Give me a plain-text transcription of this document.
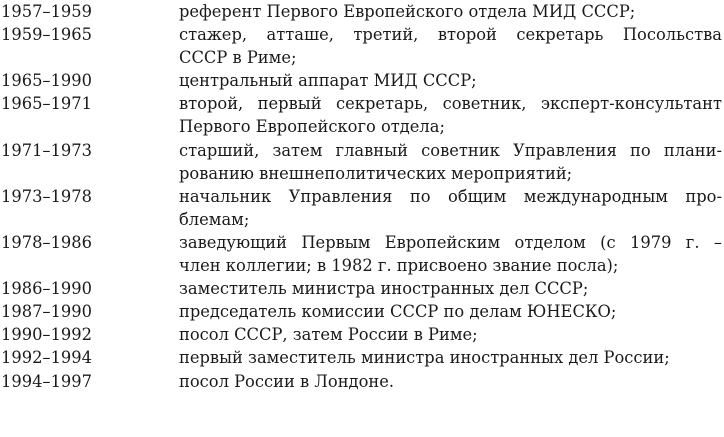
1957–1959	референт Первого Европейского отдела МИД СССР;
1959–1965	стажер, атташе, третий, второй секретарь Посольства
СССР в Риме;
1965–1990	центральный аппарат МИД СССР;
1965–1971	второй, первый секретарь, советник, эксперт-консультант
Первого Европейского отдела;
1971–1973	старший, затем главный советник Управления по плани-
рованию внешнеполитических мероприятий;
1973–1978	начальник Управления по общим международным про-
блемам;
1978–1986	заведующий Первым Европейским отделом (с 1979 г. –
член коллегии; в 1982 г. присвоено звание посла);
1986–1990	заместитель министра иностранных дел СССР;
1987–1990	председатель комиссии СССР по делам ЮНЕСКО;
1990–1992	посол СССР, затем России в Риме;
1992–1994	первый заместитель министра иностранных дел России;
1994–1997	посол России в Лондоне.
